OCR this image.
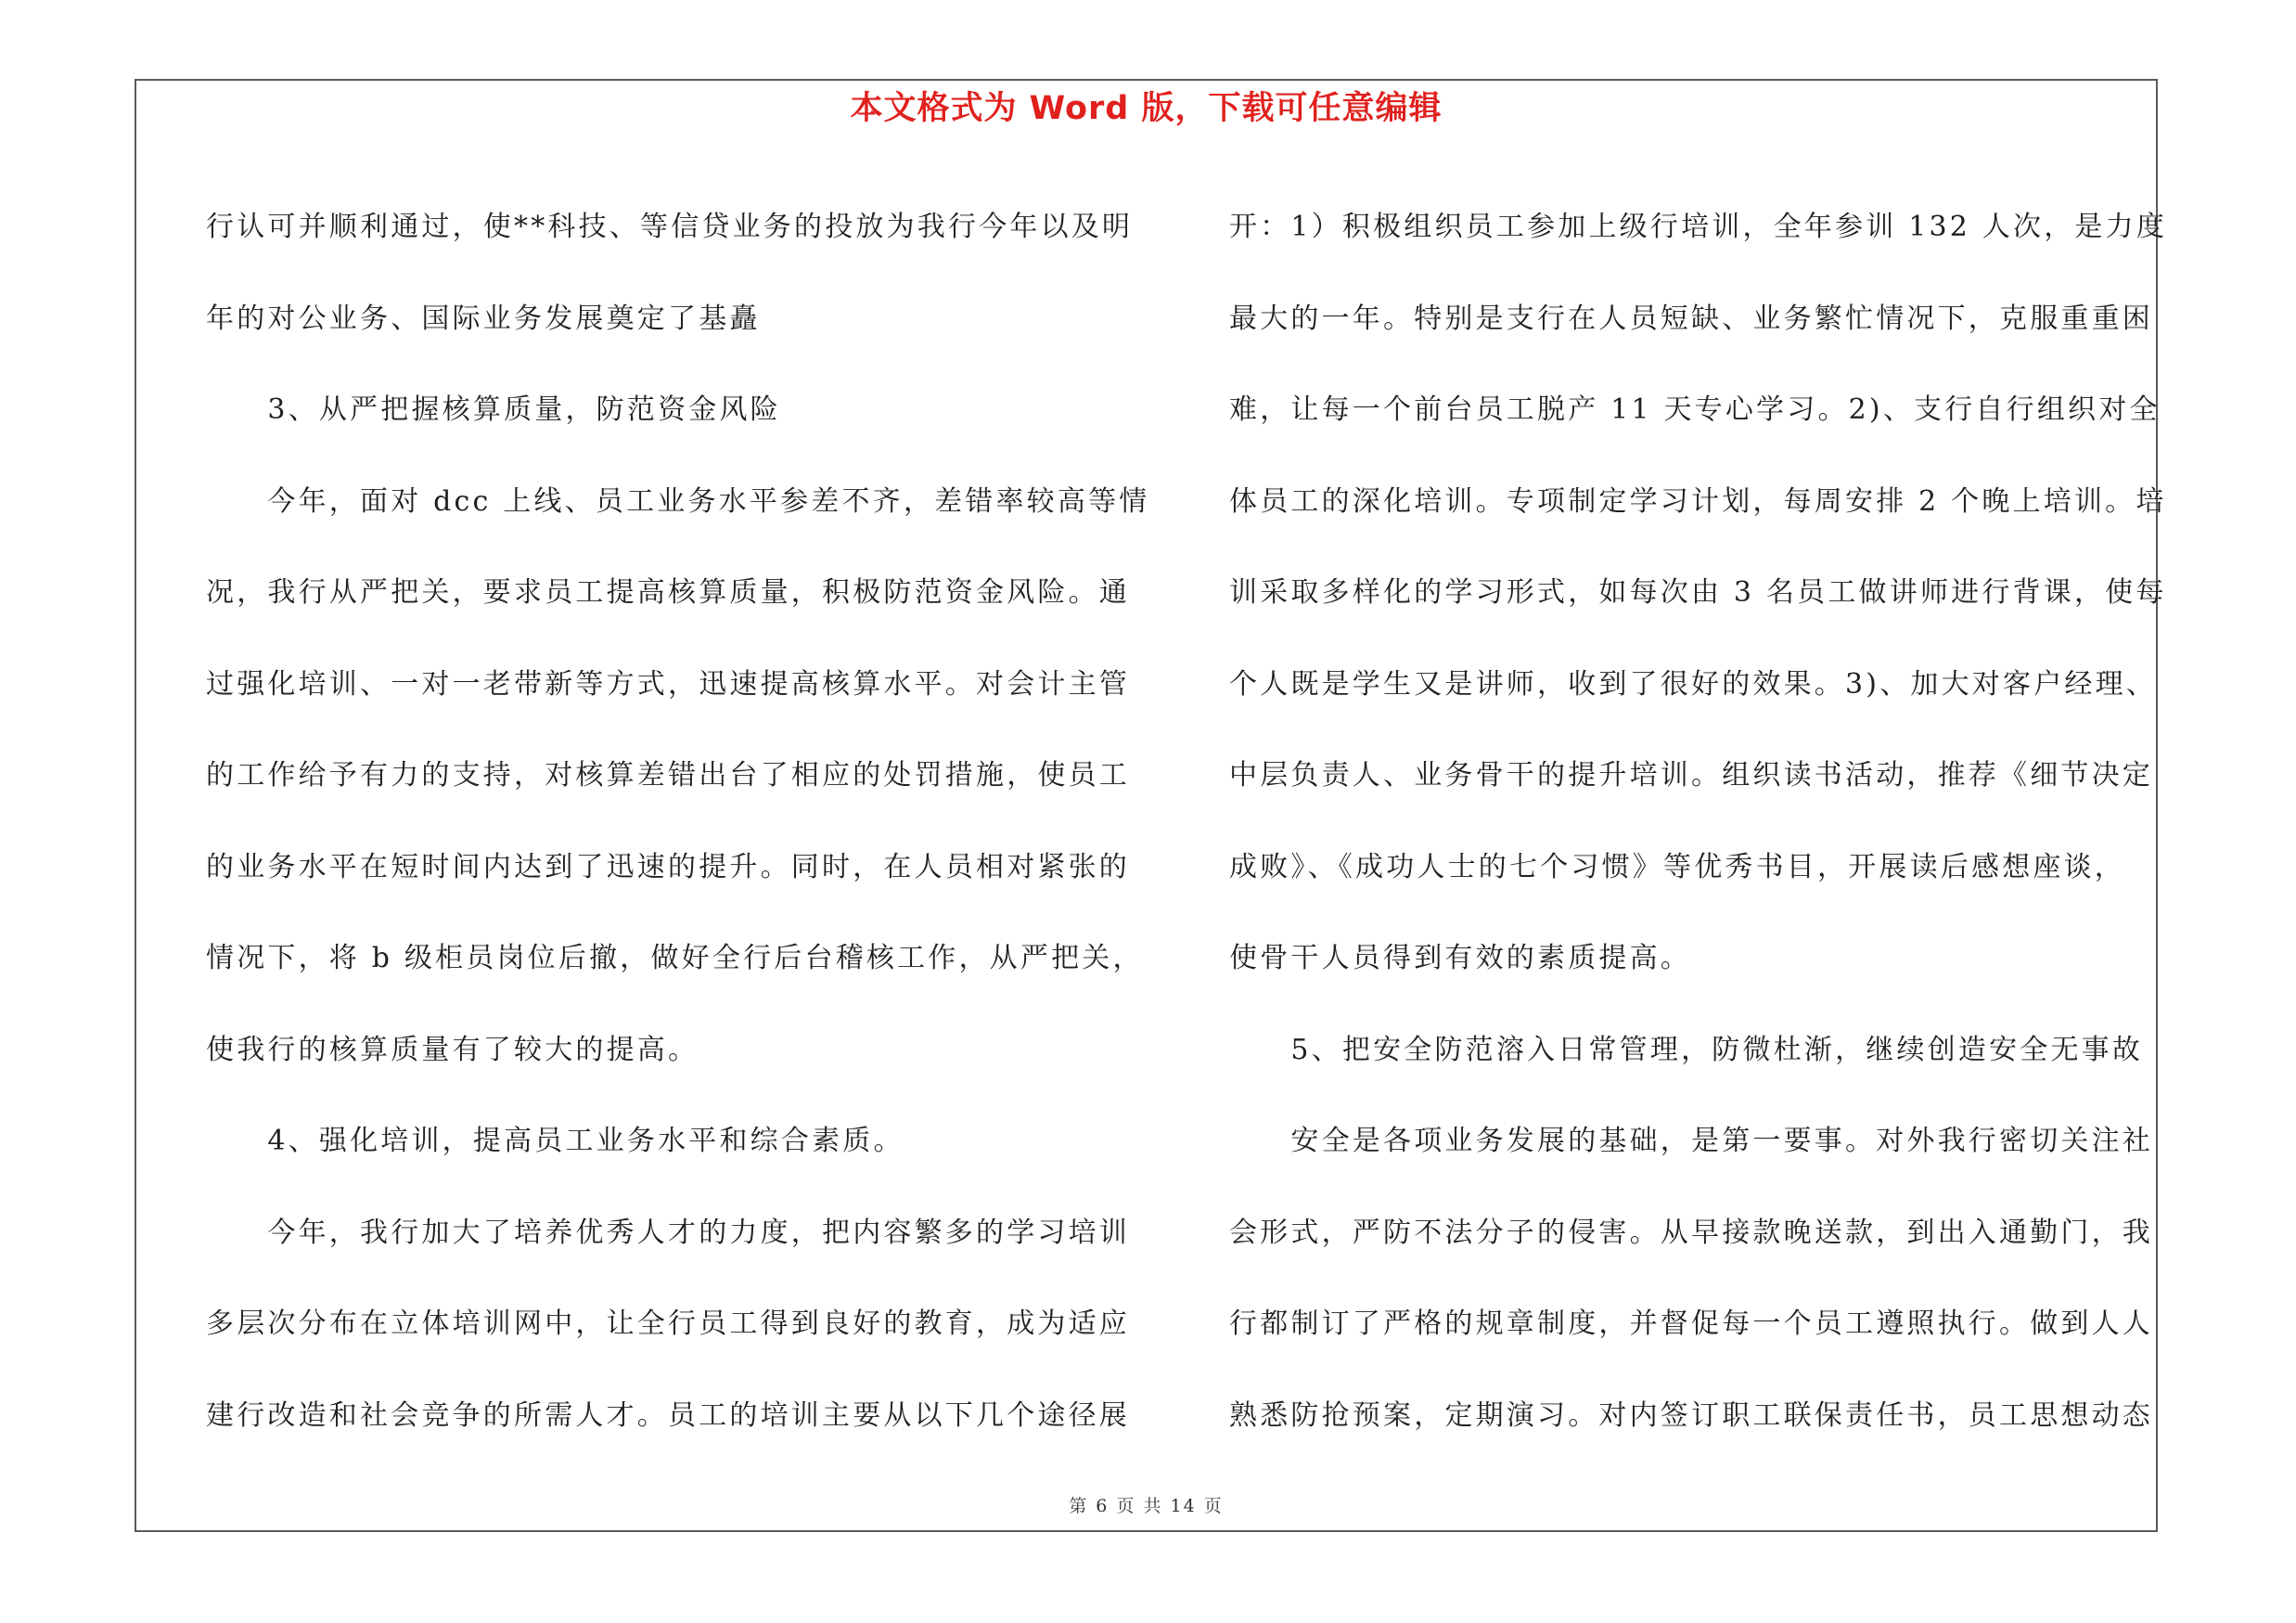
本文格式为 Word 版，下载可任意编辑
行认可并顺利通过，使**科技、等信贷业务的投放为我行今年以及明
年的对公业务、国际业务发展奠定了基矗
　　3、从严把握核算质量，防范资金风险
　　今年，面对 dcc 上线、员工业务水平参差不齐，差错率较高等情
况，我行从严把关，要求员工提高核算质量，积极防范资金风险。通
过强化培训、一对一老带新等方式，迅速提高核算水平。对会计主管
的工作给予有力的支持，对核算差错出台了相应的处罚措施，使员工
的业务水平在短时间内达到了迅速的提升。同时，在人员相对紧张的
情况下，将 b 级柜员岗位后撤，做好全行后台稽核工作，从严把关，
使我行的核算质量有了较大的提高。
　　4、强化培训，提高员工业务水平和综合素质。
　　今年，我行加大了培养优秀人才的力度，把内容繁多的学习培训
多层次分布在立体培训网中，让全行员工得到良好的教育，成为适应
建行改造和社会竞争的所需人才。员工的培训主要从以下几个途径展
开：1）积极组织员工参加上级行培训，全年参训 132 人次，是力度
最大的一年。特别是支行在人员短缺、业务繁忙情况下，克服重重困
难，让每一个前台员工脱产 11 天专心学习。2)、支行自行组织对全
体员工的深化培训。专项制定学习计划，每周安排 2 个晚上培训。培
训采取多样化的学习形式，如每次由 3 名员工做讲师进行背课，使每
个人既是学生又是讲师，收到了很好的效果。3)、加大对客户经理、
中层负责人、业务骨干的提升培训。组织读书活动，推荐《细节决定
成败》、《成功人士的七个习惯》等优秀书目，开展读后感想座谈，
使骨干人员得到有效的素质提高。
　　5、把安全防范溶入日常管理，防微杜渐，继续创造安全无事故
　　安全是各项业务发展的基础，是第一要事。对外我行密切关注社
会形式，严防不法分子的侵害。从早接款晚送款，到出入通勤门，我
行都制订了严格的规章制度，并督促每一个员工遵照执行。做到人人
熟悉防抢预案，定期演习。对内签订职工联保责任书，员工思想动态
第 6 页 共 14 页
